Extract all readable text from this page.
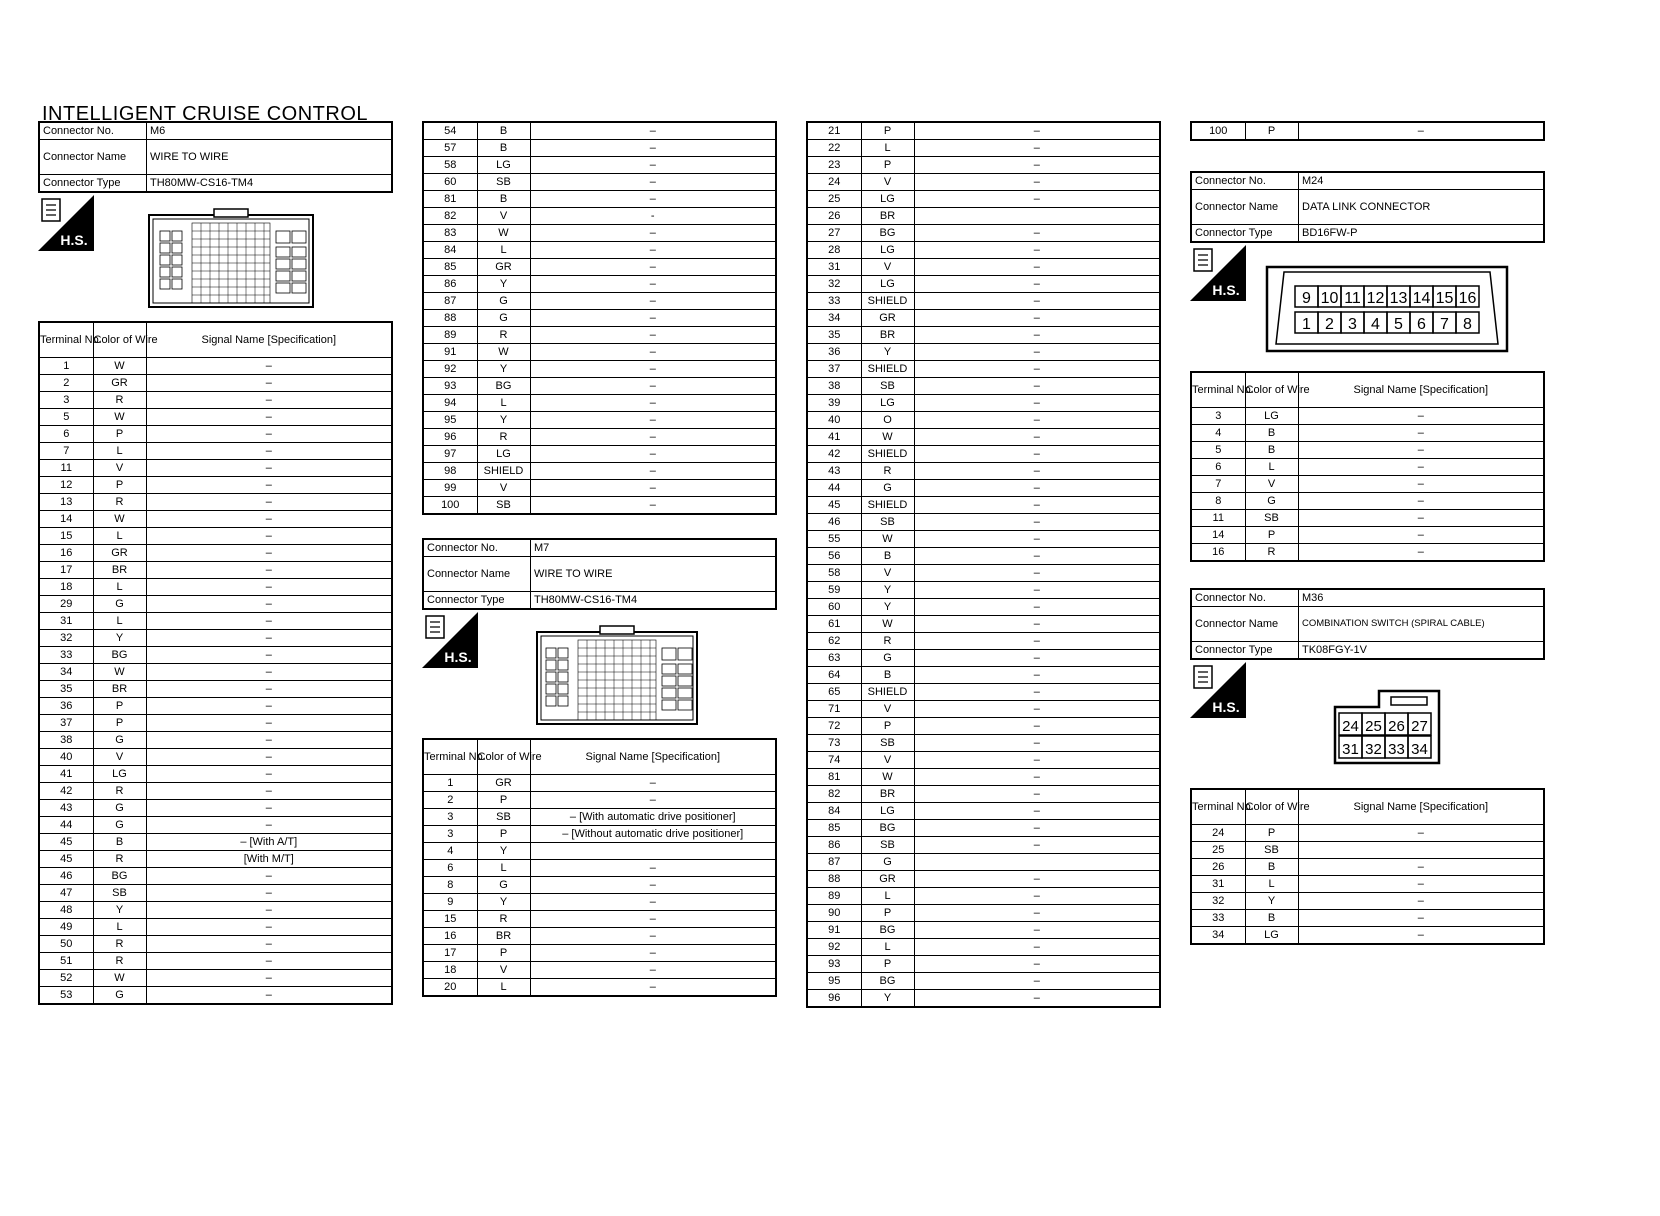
INTELLIGENT CRUISE CONTROL
Connector No.	M6
Connector Name	WIRE TO WIRE
Connector Type	TH80MW-CS16-TM4
H.S.
Terminal No.	Color of Wire	Signal Name [Specification]
1	W	–
2	GR	–
3	R	–
5	W	–
6	P	–
7	L	–
11	V	–
12	P	–
13	R	–
14	W	–
15	L	–
16	GR	–
17	BR	–
18	L	–
29	G	–
31	L	–
32	Y	–
33	BG	–
34	W	–
35	BR	–
36	P	–
37	P	–
38	G	–
40	V	–
41	LG	–
42	R	–
43	G	–
44	G	–
45	B	– [With A/T]
45	R	[With M/T]
46	BG	–
47	SB	–
48	Y	–
49	L	–
50	R	–
51	R	–
52	W	–
53	G	–
54	B	–
57	B	–
58	LG	–
60	SB	–
81	B	–
82	V	-
83	W	–
84	L	–
85	GR	–
86	Y	–
87	G	–
88	G	–
89	R	–
91	W	–
92	Y	–
93	BG	–
94	L	–
95	Y	–
96	R	–
97	LG	–
98	SHIELD	–
99	V	–
100	SB	–
Connector No.	M7
Connector Name	WIRE TO WIRE
Connector Type	TH80MW-CS16-TM4
H.S.
Terminal No.	Color of Wire	Signal Name [Specification]
1	GR	–
2	P	–
3	SB	– [With automatic drive positioner]
3	P	– [Without automatic drive positioner]
4	Y	
6	L	–
8	G	–
9	Y	–
15	R	–
16	BR	–
17	P	–
18	V	–
20	L	–
21	P	–
22	L	–
23	P	–
24	V	–
25	LG	–
26	BR	
27	BG	–
28	LG	–
31	V	–
32	LG	–
33	SHIELD	–
34	GR	–
35	BR	–
36	Y	–
37	SHIELD	–
38	SB	–
39	LG	–
40	O	–
41	W	–
42	SHIELD	–
43	R	–
44	G	–
45	SHIELD	–
46	SB	–
55	W	–
56	B	–
58	V	–
59	Y	–
60	Y	–
61	W	–
62	R	–
63	G	–
64	B	–
65	SHIELD	–
71	V	–
72	P	–
73	SB	–
74	V	–
81	W	–
82	BR	–
84	LG	–
85	BG	–
86	SB	–
87	G	
88	GR	–
89	L	–
90	P	–
91	BG	–
92	L	–
93	P	–
95	BG	–
96	Y	–
100	P	–
Connector No.	M24
Connector Name	DATA LINK CONNECTOR
Connector Type	BD16FW-P
H.S.	9 10 11 12 13 14 15 16
1 2 3 4 5 6 7 8
Terminal No.	Color of Wire	Signal Name [Specification]
3	LG	–
4	B	–
5	B	–
6	L	–
7	V	–
8	G	–
11	SB	–
14	P	–
16	R	–
Connector No.	M36
Connector Name	COMBINATION SWITCH (SPIRAL CABLE)
Connector Type	TK08FGY-1V
H.S.
24 25 26 27
31 32 33 34
Terminal No.	Color of Wire	Signal Name [Specification]
24	P	–
25	SB	
26	B	–
31	L	–
32	Y	–
33	B	–
34	LG	–
